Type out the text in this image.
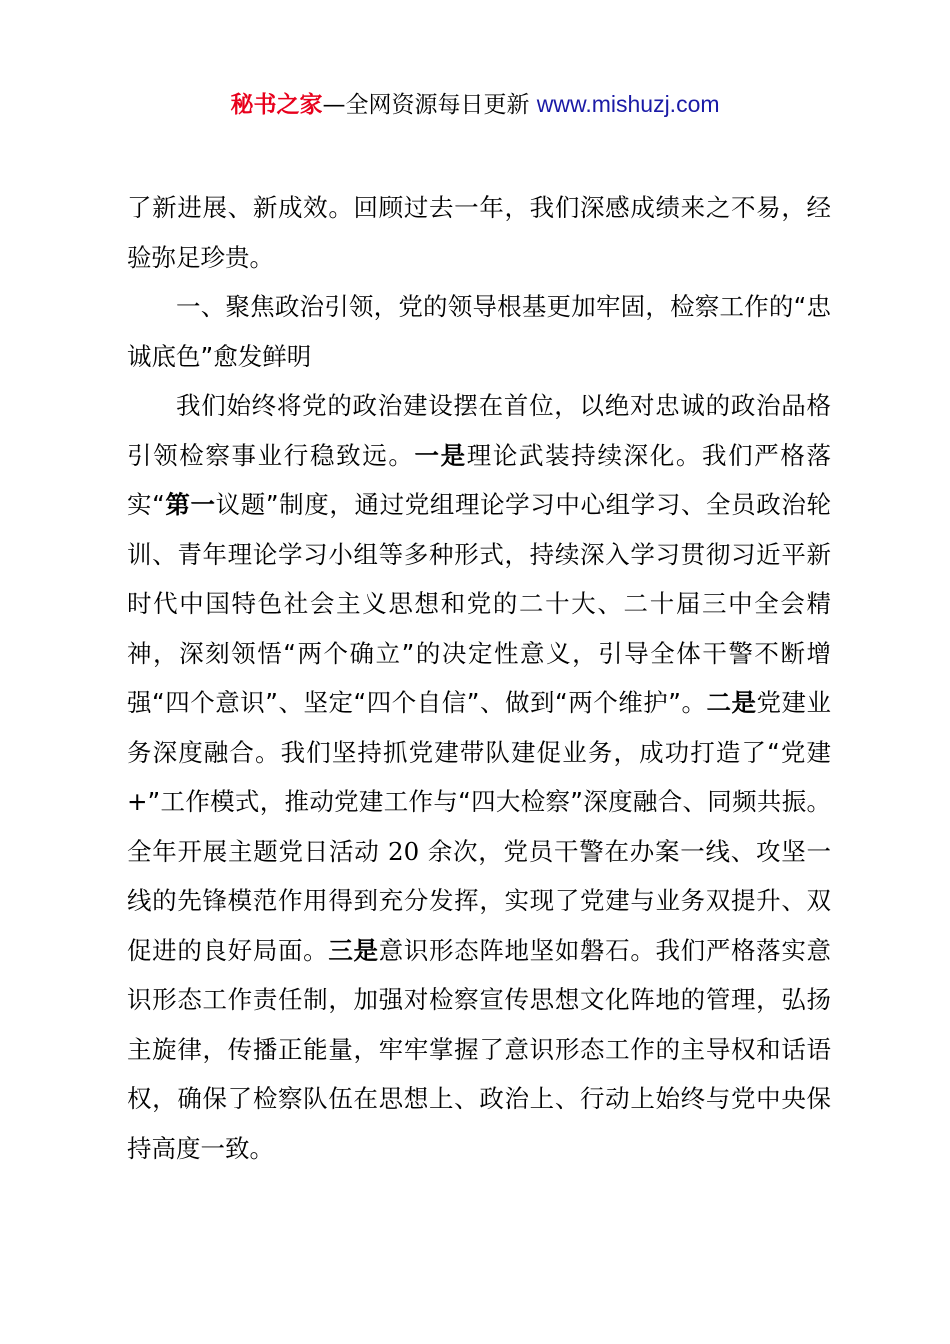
秘书之家—全网资源每日更新 www.mishuzj.com

了新进展、新成效。回顾过去一年，我们深感成绩来之不易，经验弥足珍贵。

一、聚焦政治引领，党的领导根基更加牢固，检察工作的“忠诚底色”愈发鲜明

我们始终将党的政治建设摆在首位，以绝对忠诚的政治品格引领检察事业行稳致远。一是理论武装持续深化。我们严格落实“第一议题”制度，通过党组理论学习中心组学习、全员政治轮训、青年理论学习小组等多种形式，持续深入学习贯彻习近平新时代中国特色社会主义思想和党的二十大、二十届三中全会精神，深刻领悟“两个确立”的决定性意义，引导全体干警不断增强“四个意识”、坚定“四个自信”、做到“两个维护”。二是党建业务深度融合。我们坚持抓党建带队建促业务，成功打造了“党建+”工作模式，推动党建工作与“四大检察”深度融合、同频共振。全年开展主题党日活动 20 余次，党员干警在办案一线、攻坚一线的先锋模范作用得到充分发挥，实现了党建与业务双提升、双促进的良好局面。三是意识形态阵地坚如磐石。我们严格落实意识形态工作责任制，加强对检察宣传思想文化阵地的管理，弘扬主旋律，传播正能量，牢牢掌握了意识形态工作的主导权和话语权，确保了检察队伍在思想上、政治上、行动上始终与党中央保持高度一致。
